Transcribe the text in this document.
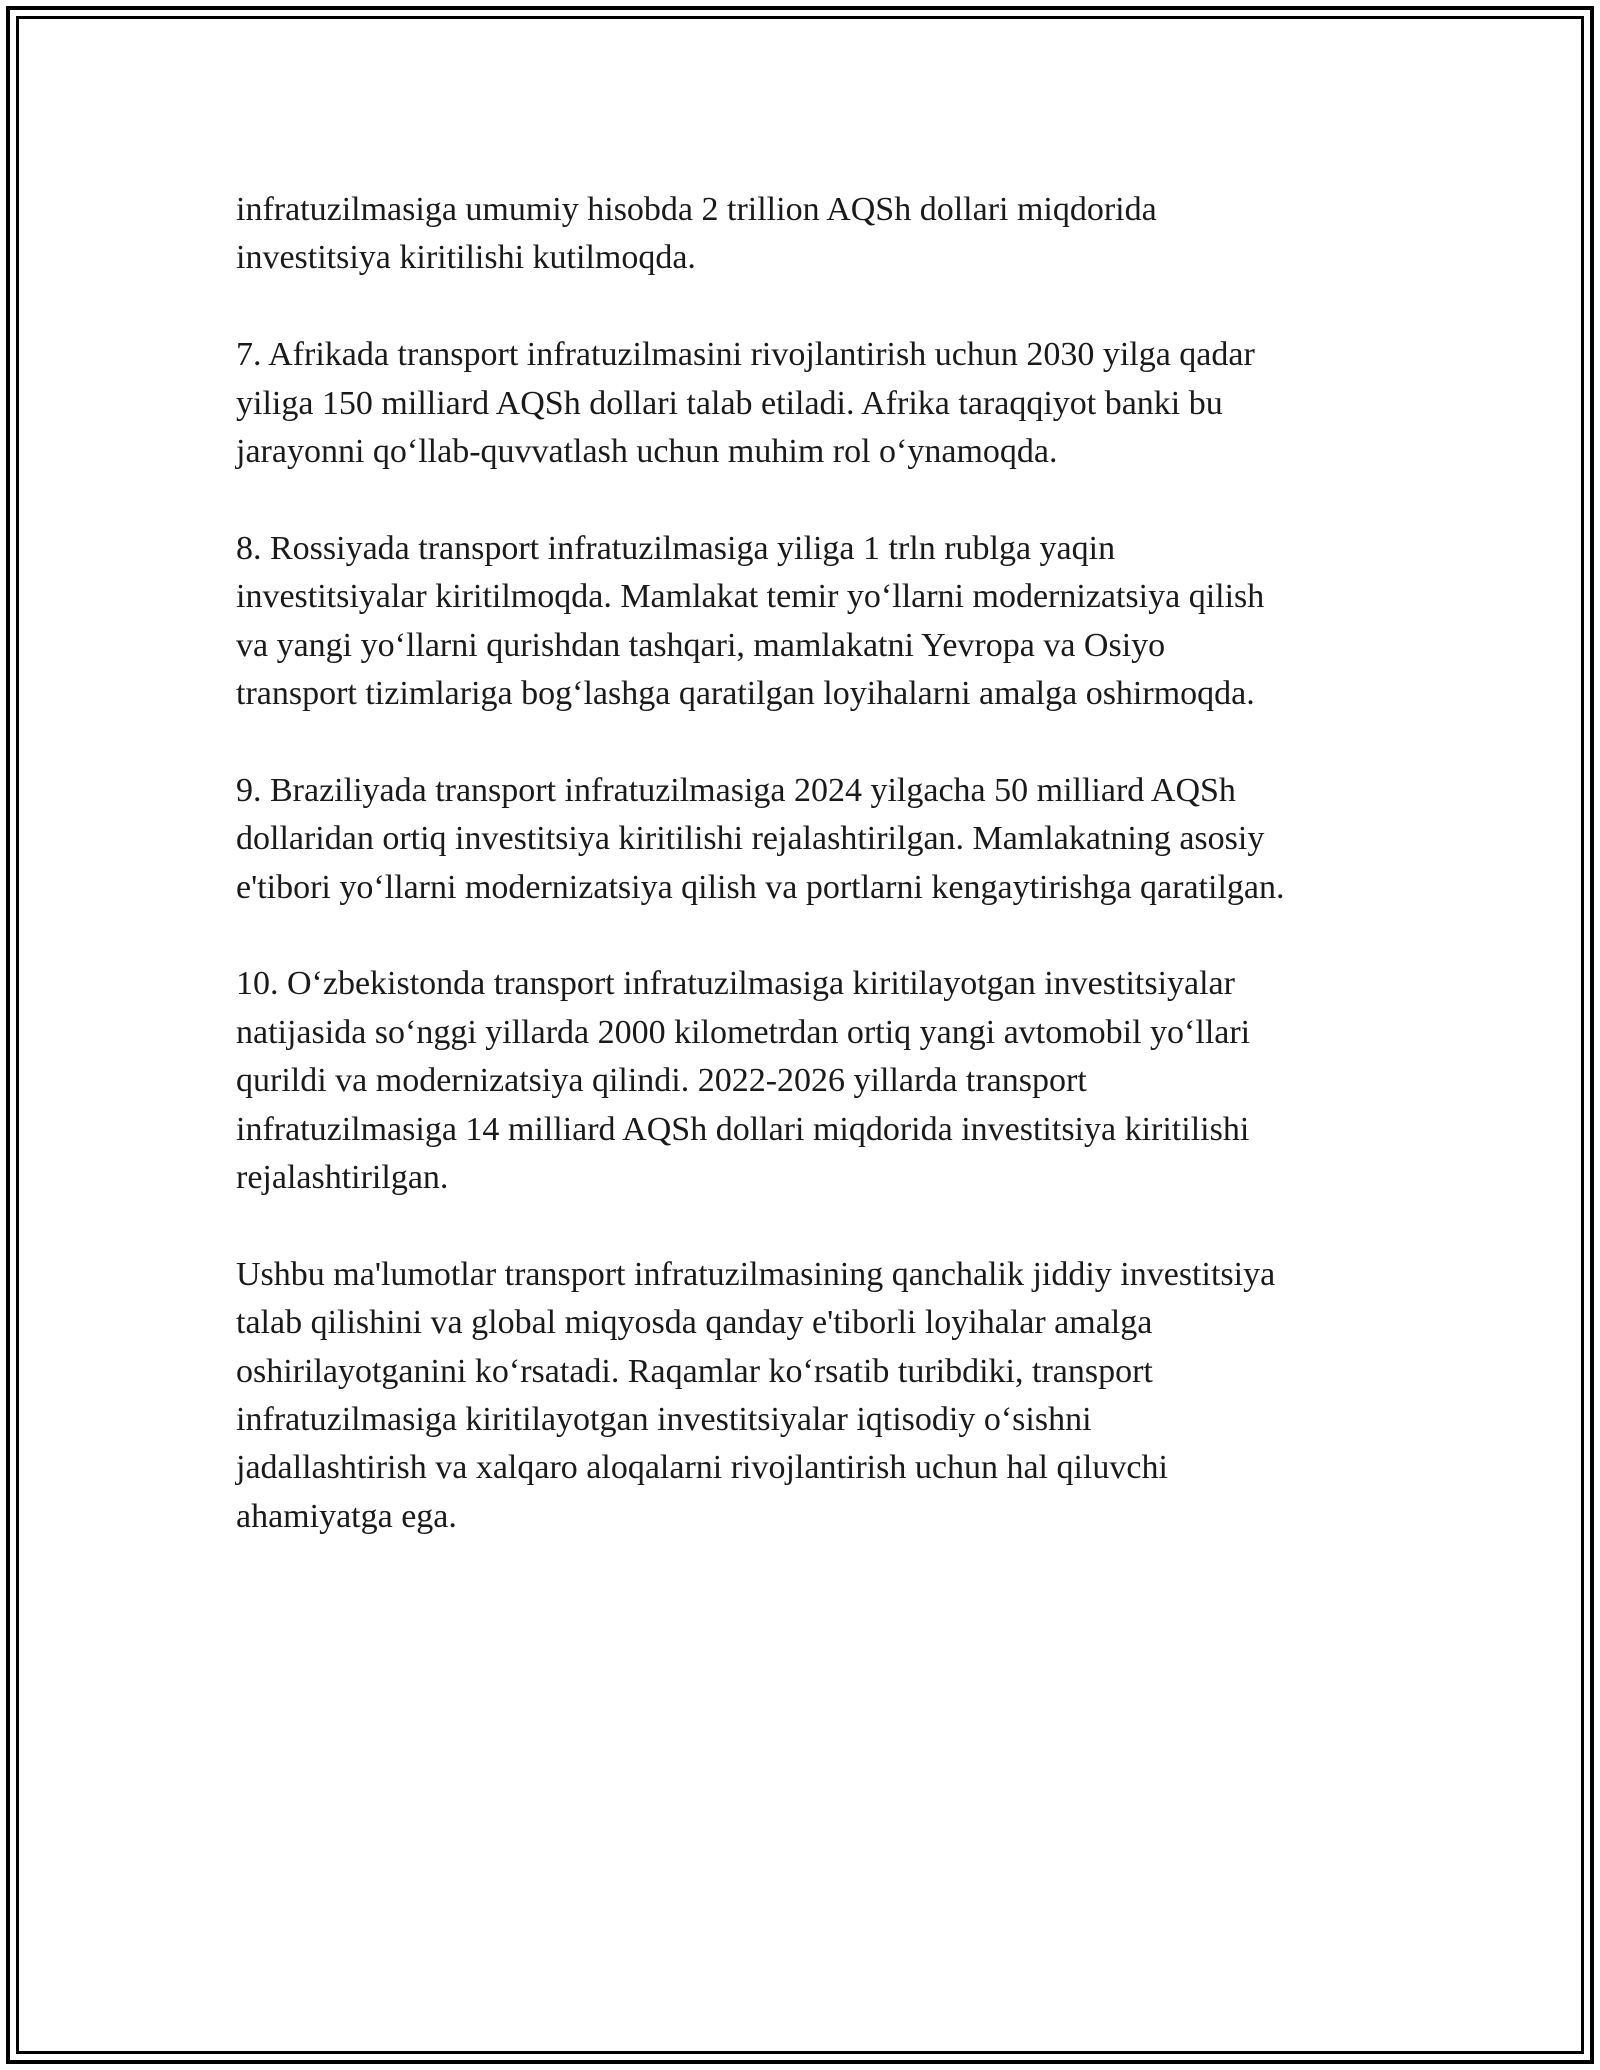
infratuzilmasiga umumiy hisobda 2 trillion AQSh dollari miqdorida
investitsiya kiritilishi kutilmoqda.

7. Afrikada transport infratuzilmasini rivojlantirish uchun 2030 yilga qadar
yiliga 150 milliard AQSh dollari talab etiladi. Afrika taraqqiyot banki bu
jarayonni qoʻllab-quvvatlash uchun muhim rol oʻynamoqda.

8. Rossiyada transport infratuzilmasiga yiliga 1 trln rublga yaqin
investitsiyalar kiritilmoqda. Mamlakat temir yoʻllarni modernizatsiya qilish
va yangi yoʻllarni qurishdan tashqari, mamlakatni Yevropa va Osiyo
transport tizimlariga bogʻlashga qaratilgan loyihalarni amalga oshirmoqda.

9. Braziliyada transport infratuzilmasiga 2024 yilgacha 50 milliard AQSh
dollaridan ortiq investitsiya kiritilishi rejalashtirilgan. Mamlakatning asosiy
e'tibori yoʻllarni modernizatsiya qilish va portlarni kengaytirishga qaratilgan.

10. Oʻzbekistonda transport infratuzilmasiga kiritilayotgan investitsiyalar
natijasida soʻnggi yillarda 2000 kilometrdan ortiq yangi avtomobil yoʻllari
qurildi va modernizatsiya qilindi. 2022-2026 yillarda transport
infratuzilmasiga 14 milliard AQSh dollari miqdorida investitsiya kiritilishi
rejalashtirilgan.

Ushbu ma'lumotlar transport infratuzilmasining qanchalik jiddiy investitsiya
talab qilishini va global miqyosda qanday e'tiborli loyihalar amalga
oshirilayotganini koʻrsatadi. Raqamlar koʻrsatib turibdiki, transport
infratuzilmasiga kiritilayotgan investitsiyalar iqtisodiy oʻsishni
jadallashtirish va xalqaro aloqalarni rivojlantirish uchun hal qiluvchi
ahamiyatga ega.
